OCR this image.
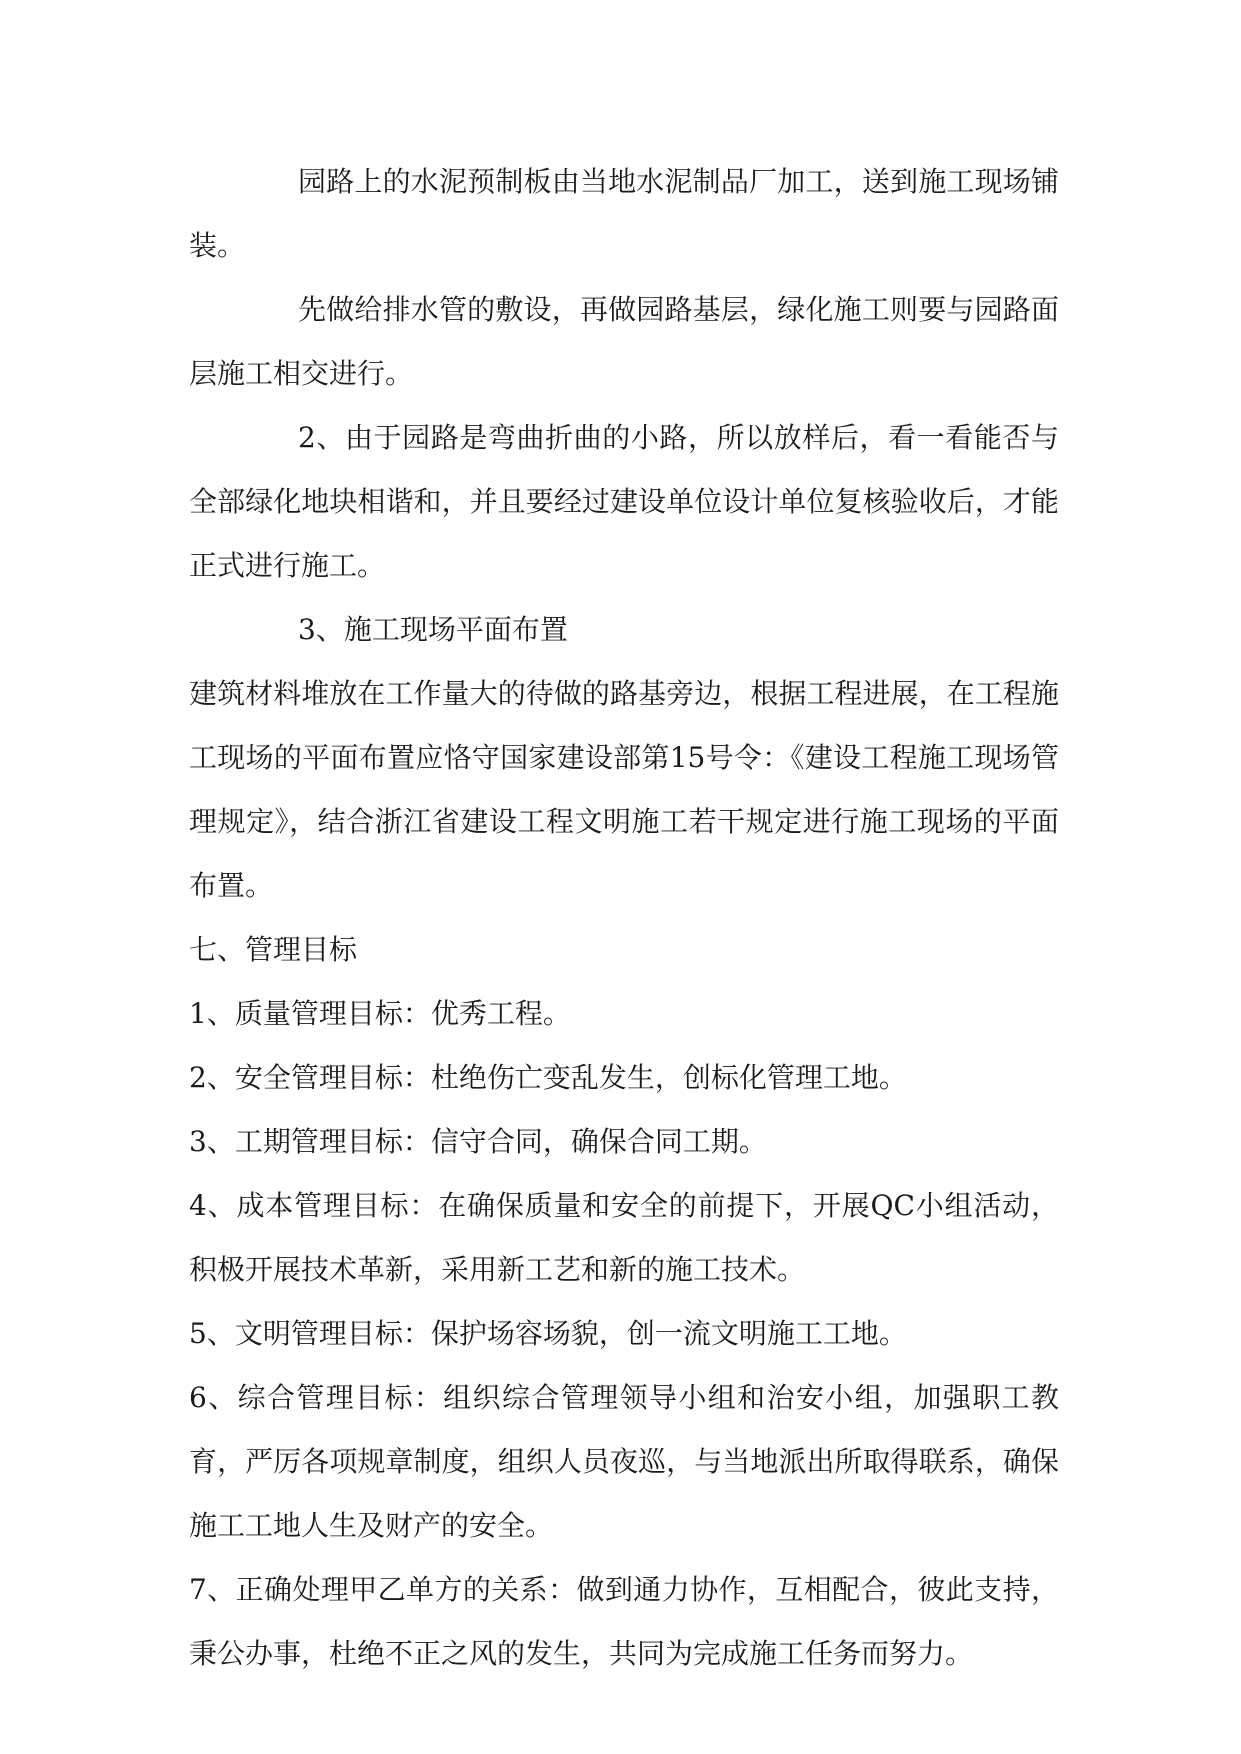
园路上的水泥预制板由当地水泥制品厂加工，送到施工现场铺装。

先做给排水管的敷设，再做园路基层，绿化施工则要与园路面层施工相交进行。

2、由于园路是弯曲折曲的小路，所以放样后，看一看能否与全部绿化地块相谐和，并且要经过建设单位设计单位复核验收后，才能正式进行施工。

3、施工现场平面布置

建筑材料堆放在工作量大的待做的路基旁边，根据工程进展，在工程施工现场的平面布置应恪守国家建设部第15号令：《建设工程施工现场管理规定》，结合浙江省建设工程文明施工若干规定进行施工现场的平面布置。

七、管理目标

1、质量管理目标：优秀工程。

2、安全管理目标：杜绝伤亡变乱发生，创标化管理工地。

3、工期管理目标：信守合同，确保合同工期。

4、成本管理目标：在确保质量和安全的前提下，开展QC小组活动，积极开展技术革新，采用新工艺和新的施工技术。

5、文明管理目标：保护场容场貌，创一流文明施工工地。

6、综合管理目标：组织综合管理领导小组和治安小组，加强职工教育，严厉各项规章制度，组织人员夜巡，与当地派出所取得联系，确保施工工地人生及财产的安全。

7、正确处理甲乙单方的关系：做到通力协作，互相配合，彼此支持，秉公办事，杜绝不正之风的发生，共同为完成施工任务而努力。
